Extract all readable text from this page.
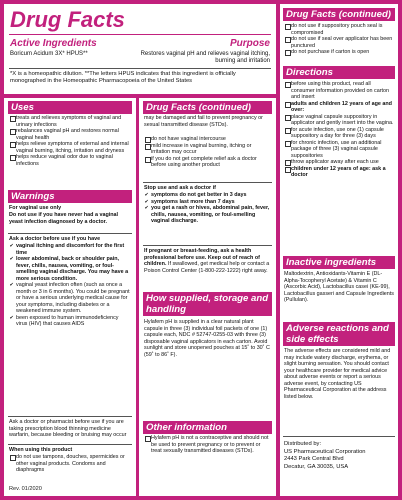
Drug Facts
Active Ingredients	Purpose
Boricum Acidum 3X* HPUS**	Restores vaginal pH and relieves vaginal itching, burning and irritation
*X is a homeopathic dilution. **The letters HPUS indicates that this ingredient is officially monographed in the Homeopathic Pharmacopoeia of the United States
Uses
treats and relieves symptoms of vaginal and urinary infections
rebalances vaginal pH and restores normal vaginal health
helps relieve symptoms of external and internal vaginal burning, itching, irritation and dryness
helps reduce vaginal odor due to vaginal infections
Warnings
For vaginal use only
Do not use if you have never had a vaginal yeast infection diagnosed by a doctor.
Ask a doctor before use if you have
✔ vaginal itching and discomfort for the first time
✔ lower abdominal, back or shoulder pain, fever, chills, nausea, vomiting, or foul-smelling vaginal discharge. You may have a more serious condition.
✔ vaginal yeast infection often (such as once a month or 3 in 6 months). You could be pregnant or have a serious underlying medical cause for your symptoms, including diabetes or a weakened immune system.
✔ been exposed to human immunodeficiency virus (HIV) that causes AIDS
Ask a doctor or pharmacist before use if you are taking prescription blood thinning medicine warfarin, because bleeding or bruising may occur
When using this product
do not use tampons, douches, spermicides or other vaginal products. Condoms and diaphragms
Rev. 01/2020
Drug Facts (continued)
may be damaged and fail to prevent pregnancy or sexual transmitted disease (STDs).
do not have vaginal intercourse
mild increase in vaginal burning, itching or irritation may occur
if you do not get complete relief ask a doctor before using another product
Stop use and ask a doctor if
✔ symptoms do not get better in 3 days
✔ symptoms last more than 7 days
✔ you get a rash or hives, abdominal pain, fever, chills, nausea, vomiting, or foul-smelling vaginal discharge.
If pregnant or breast-feeding, ask a health professional before use. Keep out of reach of children. If swallowed, get medical help or contact a Poison Control Center (1-800-222-1222) right away.
How supplied, storage and handling
Hylafem pH is supplied in a clear natural plant capsule in three (3) individual foil packets of one (1) capsule each, NDC # 52747-0255-03 with three (3) disposable vaginal applicators in each carton. Avoid sunlight and store unopened pouches at 15˚ to 30˚ C (59˚ to 86˚ F).
Other information
Hylafem pH is not a contraceptive and should not be used to prevent pregnancy or to prevent or treat sexually transmitted diseases (STDs).
Drug Facts (continued)
do not use if suppository pouch seal is compromised
do not use if seal over applicator has been punctured
do not purchase if carton is open
Directions
before using this product, read all consumer information provided on carton and insert
adults and children 12 years of age and over:
place vaginal capsule suppository in applicator and gently insert into the vagina.
for acute infection, use one (1) capsule suppository a day for three (3) days
for chronic infection, use an additional package of three (3) vaginal capsule suppositories
throw applicator away after each use
children under 12 years of age: ask a doctor
Inactive ingredients
Maltodextrin, Antioxidants-Vitamin E (DL-Alpha-Tocopheryl Acetate) & Vitamin C (Ascorbic Acid), Lactobacillus casei (KE-99), Lactobacillus gasseri and Capsule Ingredients (Pullulan).
Adverse reactions and side effects
The adverse effects are considered mild and may include watery discharge, erythema, or slight burning sensation. You should contact your healthcare provider for medical advice about adverse events or report a serious adverse event, by contacting US Pharmaceutical Corporation at the address listed below.
Distributed by:
US Pharmaceutical Corporation
2443 Park Central Blvd
Decatur, GA 30035, USA
